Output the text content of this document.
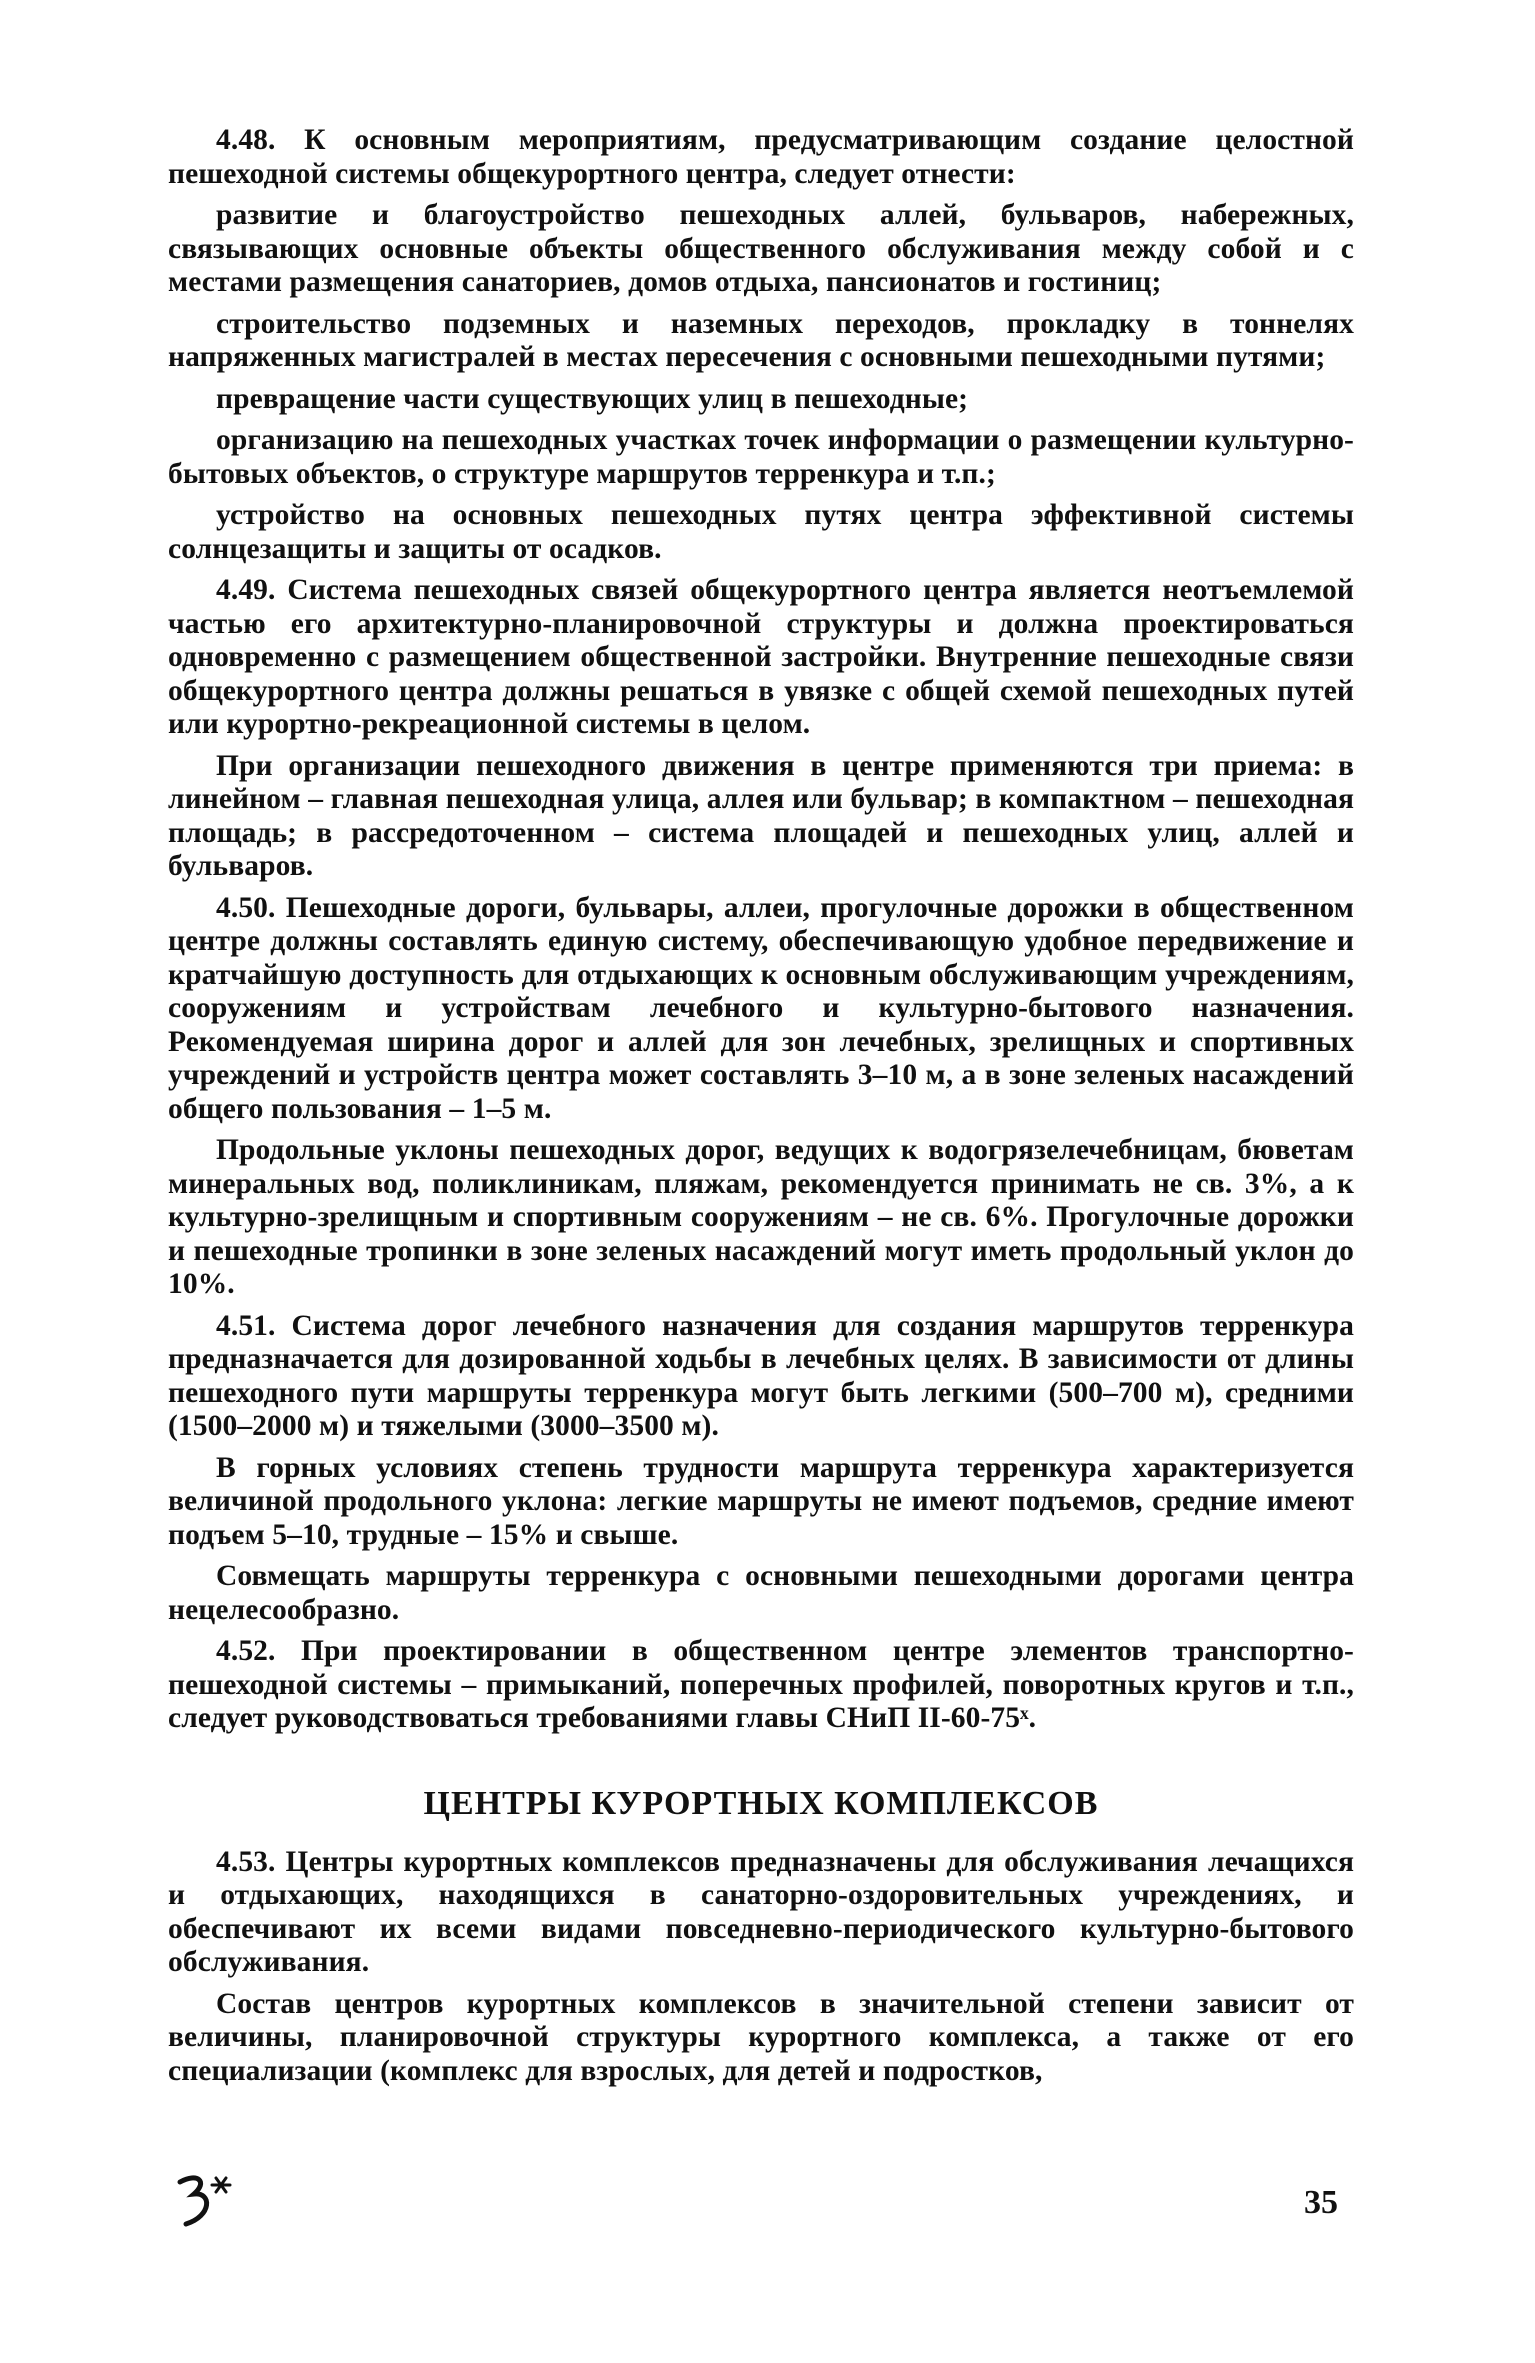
4.48. К основным мероприятиям, предусматривающим создание целостной пешеходной системы общекурортного центра, следует отнести:

развитие и благоустройство пешеходных аллей, бульваров, набережных, связывающих основные объекты общественного обслуживания между собой и с местами размещения санаториев, домов отдыха, пансионатов и гостиниц;

строительство подземных и наземных переходов, прокладку в тоннелях напряженных магистралей в местах пересечения с основными пешеходными путями;

превращение части существующих улиц в пешеходные;

организацию на пешеходных участках точек информации о размещении культурно-бытовых объектов, о структуре маршрутов терренкура и т.п.;

устройство на основных пешеходных путях центра эффективной системы солнцезащиты и защиты от осадков.

4.49. Система пешеходных связей общекурортного центра является неотъемлемой частью его архитектурно-планировочной структуры и должна проектироваться одновременно с размещением общественной застройки. Внутренние пешеходные связи общекурортного центра должны решаться в увязке с общей схемой пешеходных путей или курортно-рекреационной системы в целом.

При организации пешеходного движения в центре применяются три приема: в линейном – главная пешеходная улица, аллея или бульвар; в компактном – пешеходная площадь; в рассредоточенном – система площадей и пешеходных улиц, аллей и бульваров.

4.50. Пешеходные дороги, бульвары, аллеи, прогулочные дорожки в общественном центре должны составлять единую систему, обеспечивающую удобное передвижение и кратчайшую доступность для отдыхающих к основным обслуживающим учреждениям, сооружениям и устройствам лечебного и культурно-бытового назначения. Рекомендуемая ширина дорог и аллей для зон лечебных, зрелищных и спортивных учреждений и устройств центра может составлять 3–10 м, а в зоне зеленых насаждений общего пользования – 1–5 м.

Продольные уклоны пешеходных дорог, ведущих к водогрязелечебницам, бюветам минеральных вод, поликлиникам, пляжам, рекомендуется принимать не св. 3%, а к культурно-зрелищным и спортивным сооружениям – не св. 6%. Прогулочные дорожки и пешеходные тропинки в зоне зеленых насаждений могут иметь продольный уклон до 10%.

4.51. Система дорог лечебного назначения для создания маршрутов терренкура предназначается для дозированной ходьбы в лечебных целях. В зависимости от длины пешеходного пути маршруты терренкура могут быть легкими (500–700 м), средними (1500–2000 м) и тяжелыми (3000–3500 м).

В горных условиях степень трудности маршрута терренкура характеризуется величиной продольного уклона: легкие маршруты не имеют подъемов, средние имеют подъем 5–10, трудные – 15% и свыше.

Совмещать маршруты терренкура с основными пешеходными дорогами центра нецелесообразно.

4.52. При проектировании в общественном центре элементов транспортно-пешеходной системы – примыканий, поперечных профилей, поворотных кругов и т.п., следует руководствоваться требованиями главы СНиП II-60-75ˣ.

ЦЕНТРЫ КУРОРТНЫХ КОМПЛЕКСОВ

4.53. Центры курортных комплексов предназначены для обслуживания лечащихся и отдыхающих, находящихся в санаторно-оздоровительных учреждениях, и обеспечивают их всеми видами повседневно-периодического культурно-бытового обслуживания.

Состав центров курортных комплексов в значительной степени зависит от величины, планировочной структуры курортного комплекса, а также от его специализации (комплекс для взрослых, для детей и подростков,

35
